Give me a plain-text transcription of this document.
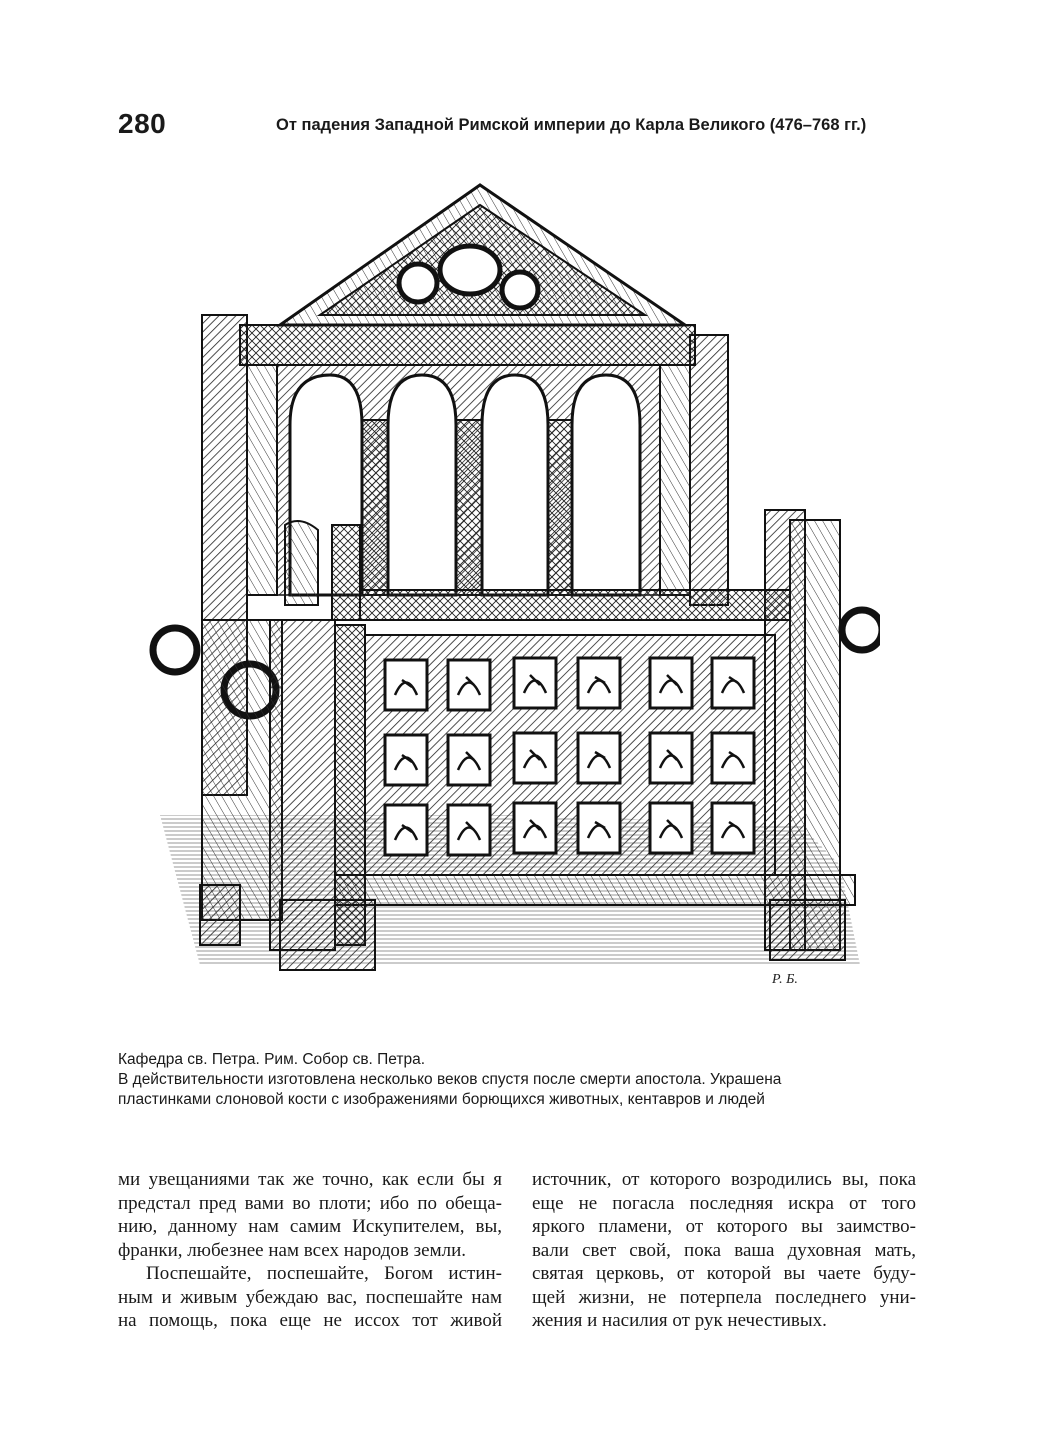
280	От падения Западной Римской империи до Карла Великого (476–768 гг.)
Р. Б.
Кафедра св. Петра. Рим. Собор св. Петра.
В действительности изготовлена несколько веков спустя после смерти апостола. Украшена
пластинками слоновой кости с изображениями борющихся животных, кентавров и людей

ми увещаниями так же точно, как если бы я

предстал пред вами во плоти; ибо по обеща-

нию, данному нам самим Искупителем, вы,

франки, любезнее нам всех народов земли.

Поспешайте, поспешайте, Богом истин-

ным и живым убеждаю вас, поспешайте нам

на помощь, пока еще не иссох тот живой

источник, от которого возродились вы, пока

еще не погасла последняя искра от того

яркого пламени, от которого вы заимство-

вали свет свой, пока ваша духовная мать,

святая церковь, от которой вы чаете буду-

щей жизни, не потерпела последнего уни-

жения и насилия от рук нечестивых.
